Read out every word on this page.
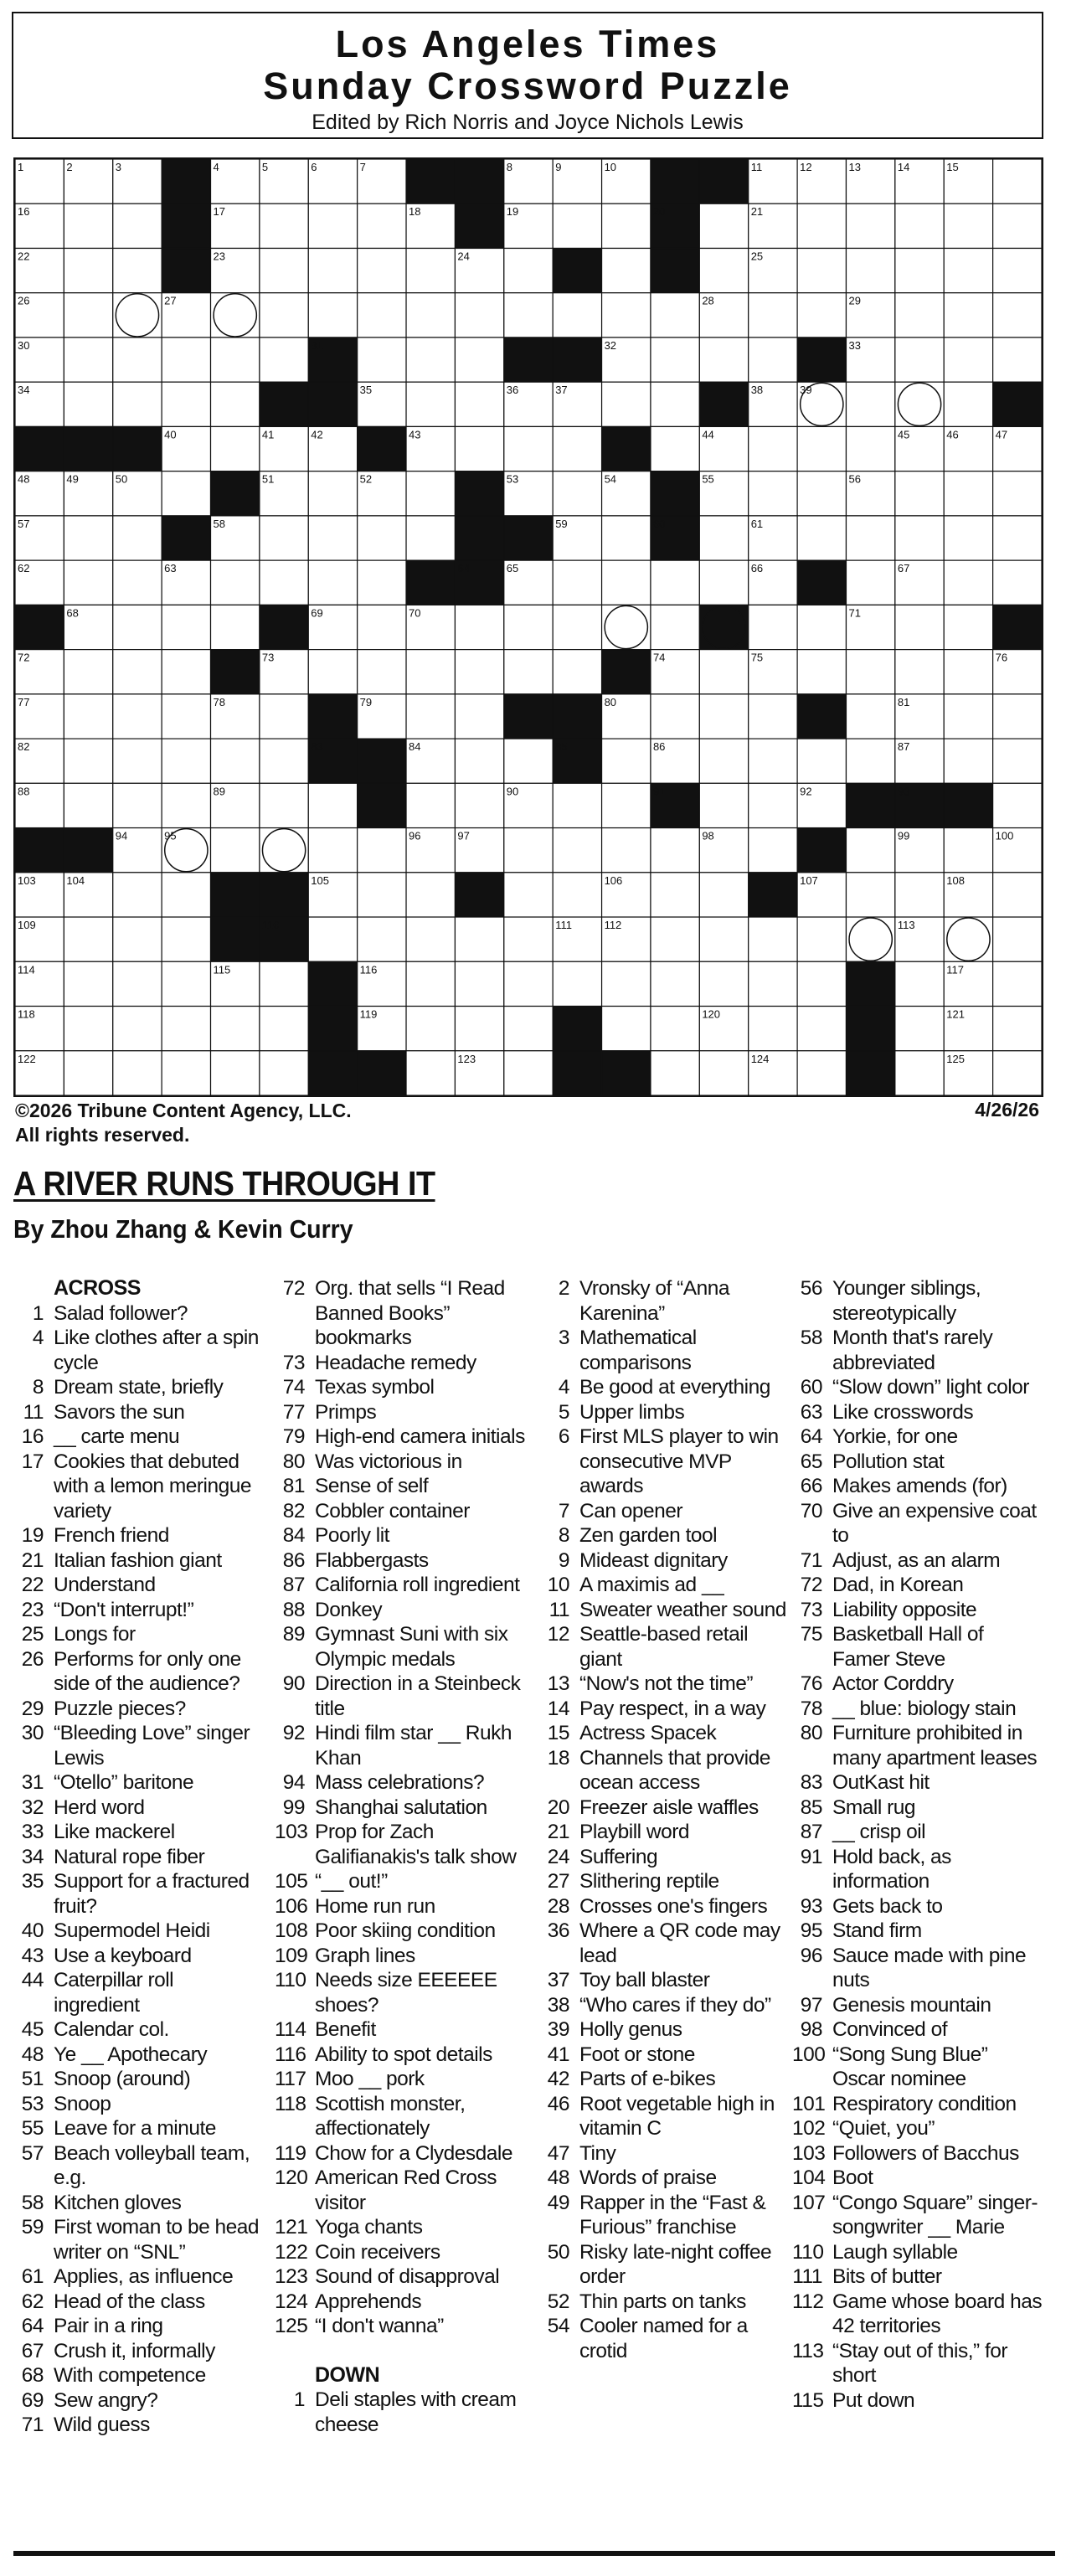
Los Angeles Times
Sunday Crossword Puzzle
Edited by Rich Norris and Joyce Nichols Lewis
1	2	3	4	5	6	7	8	9	10	11	12	13	14	15
16	17	18	19	20	21
22	23	24	25
26	27	28	29
30	31	32	33
34	35	36	37	38	39
40	41	42	43	44	45	46	47
48	49	50	51	52	53	54	55	56
57	58	59	60	61
62	63	64	65	66	67
68	69	70	71
72	73	74	75	76
77	78	79	80	81
82	83	84	85	86	87
88	89	90	91	92	93
94	95	96	97	98	99	100
103	104	105	106	107	108
109	110	111	112	113
114	115	116	117
118	119	120	121
122	123	124	125
©2026 Tribune Content Agency, LLC.
All rights reserved.
4/26/26
A RIVER RUNS THROUGH IT
By Zhou Zhang & Kevin Curry
ACROSS
1 Salad follower?
4 Like clothes after a spin cycle
8 Dream state, briefly
11 Savors the sun
16 __ carte menu
17 Cookies that debuted with a lemon meringue variety
19 French friend
21 Italian fashion giant
22 Understand
23 “Don't interrupt!”
25 Longs for
26 Performs for only one side of the audience?
29 Puzzle pieces?
30 “Bleeding Love” singer Lewis
31 “Otello” baritone
32 Herd word
33 Like mackerel
34 Natural rope fiber
35 Support for a fractured fruit?
40 Supermodel Heidi
43 Use a keyboard
44 Caterpillar roll ingredient
45 Calendar col.
48 Ye __ Apothecary
51 Snoop (around)
53 Snoop
55 Leave for a minute
57 Beach volleyball team, e.g.
58 Kitchen gloves
59 First woman to be head writer on “SNL”
61 Applies, as influence
62 Head of the class
64 Pair in a ring
67 Crush it, informally
68 With competence
69 Sew angry?
71 Wild guess
72 Org. that sells “I Read Banned Books” bookmarks
73 Headache remedy
74 Texas symbol
77 Primps
79 High-end camera initials
80 Was victorious in
81 Sense of self
82 Cobbler container
84 Poorly lit
86 Flabbergasts
87 California roll ingredient
88 Donkey
89 Gymnast Suni with six Olympic medals
90 Direction in a Steinbeck title
92 Hindi film star __ Rukh Khan
94 Mass celebrations?
99 Shanghai salutation
103 Prop for Zach Galifianakis's talk show
105 “__ out!”
106 Home run run
108 Poor skiing condition
109 Graph lines
110 Needs size EEEEEE shoes?
114 Benefit
116 Ability to spot details
117 Moo __ pork
118 Scottish monster, affectionately
119 Chow for a Clydesdale
120 American Red Cross visitor
121 Yoga chants
122 Coin receivers
123 Sound of disapproval
124 Apprehends
125 “I don't wanna”
DOWN
1 Deli staples with cream cheese
2 Vronsky of “Anna Karenina”
3 Mathematical comparisons
4 Be good at everything
5 Upper limbs
6 First MLS player to win consecutive MVP awards
7 Can opener
8 Zen garden tool
9 Mideast dignitary
10 A maximis ad __
11 Sweater weather sound
12 Seattle-based retail giant
13 “Now's not the time”
14 Pay respect, in a way
15 Actress Spacek
18 Channels that provide ocean access
20 Freezer aisle waffles
21 Playbill word
24 Suffering
27 Slithering reptile
28 Crosses one's fingers
36 Where a QR code may lead
37 Toy ball blaster
38 “Who cares if they do”
39 Holly genus
41 Foot or stone
42 Parts of e-bikes
46 Root vegetable high in vitamin C
47 Tiny
48 Words of praise
49 Rapper in the “Fast & Furious” franchise
50 Risky late-night coffee order
52 Thin parts on tanks
54 Cooler named for a crotid
56 Younger siblings, stereotypically
58 Month that's rarely abbreviated
60 “Slow down” light color
63 Like crosswords
64 Yorkie, for one
65 Pollution stat
66 Makes amends (for)
70 Give an expensive coat to
71 Adjust, as an alarm
72 Dad, in Korean
73 Liability opposite
75 Basketball Hall of Famer Steve
76 Actor Corddry
78 __ blue: biology stain
80 Furniture prohibited in many apartment leases
83 OutKast hit
85 Small rug
87 __ crisp oil
91 Hold back, as information
93 Gets back to
95 Stand firm
96 Sauce made with pine nuts
97 Genesis mountain
98 Convinced of
100 “Song Sung Blue” Oscar nominee
101 Respiratory condition
102 “Quiet, you”
103 Followers of Bacchus
104 Boot
107 “Congo Square” singer-songwriter __ Marie
110 Laugh syllable
111 Bits of butter
112 Game whose board has 42 territories
113 “Stay out of this,” for short
115 Put down
